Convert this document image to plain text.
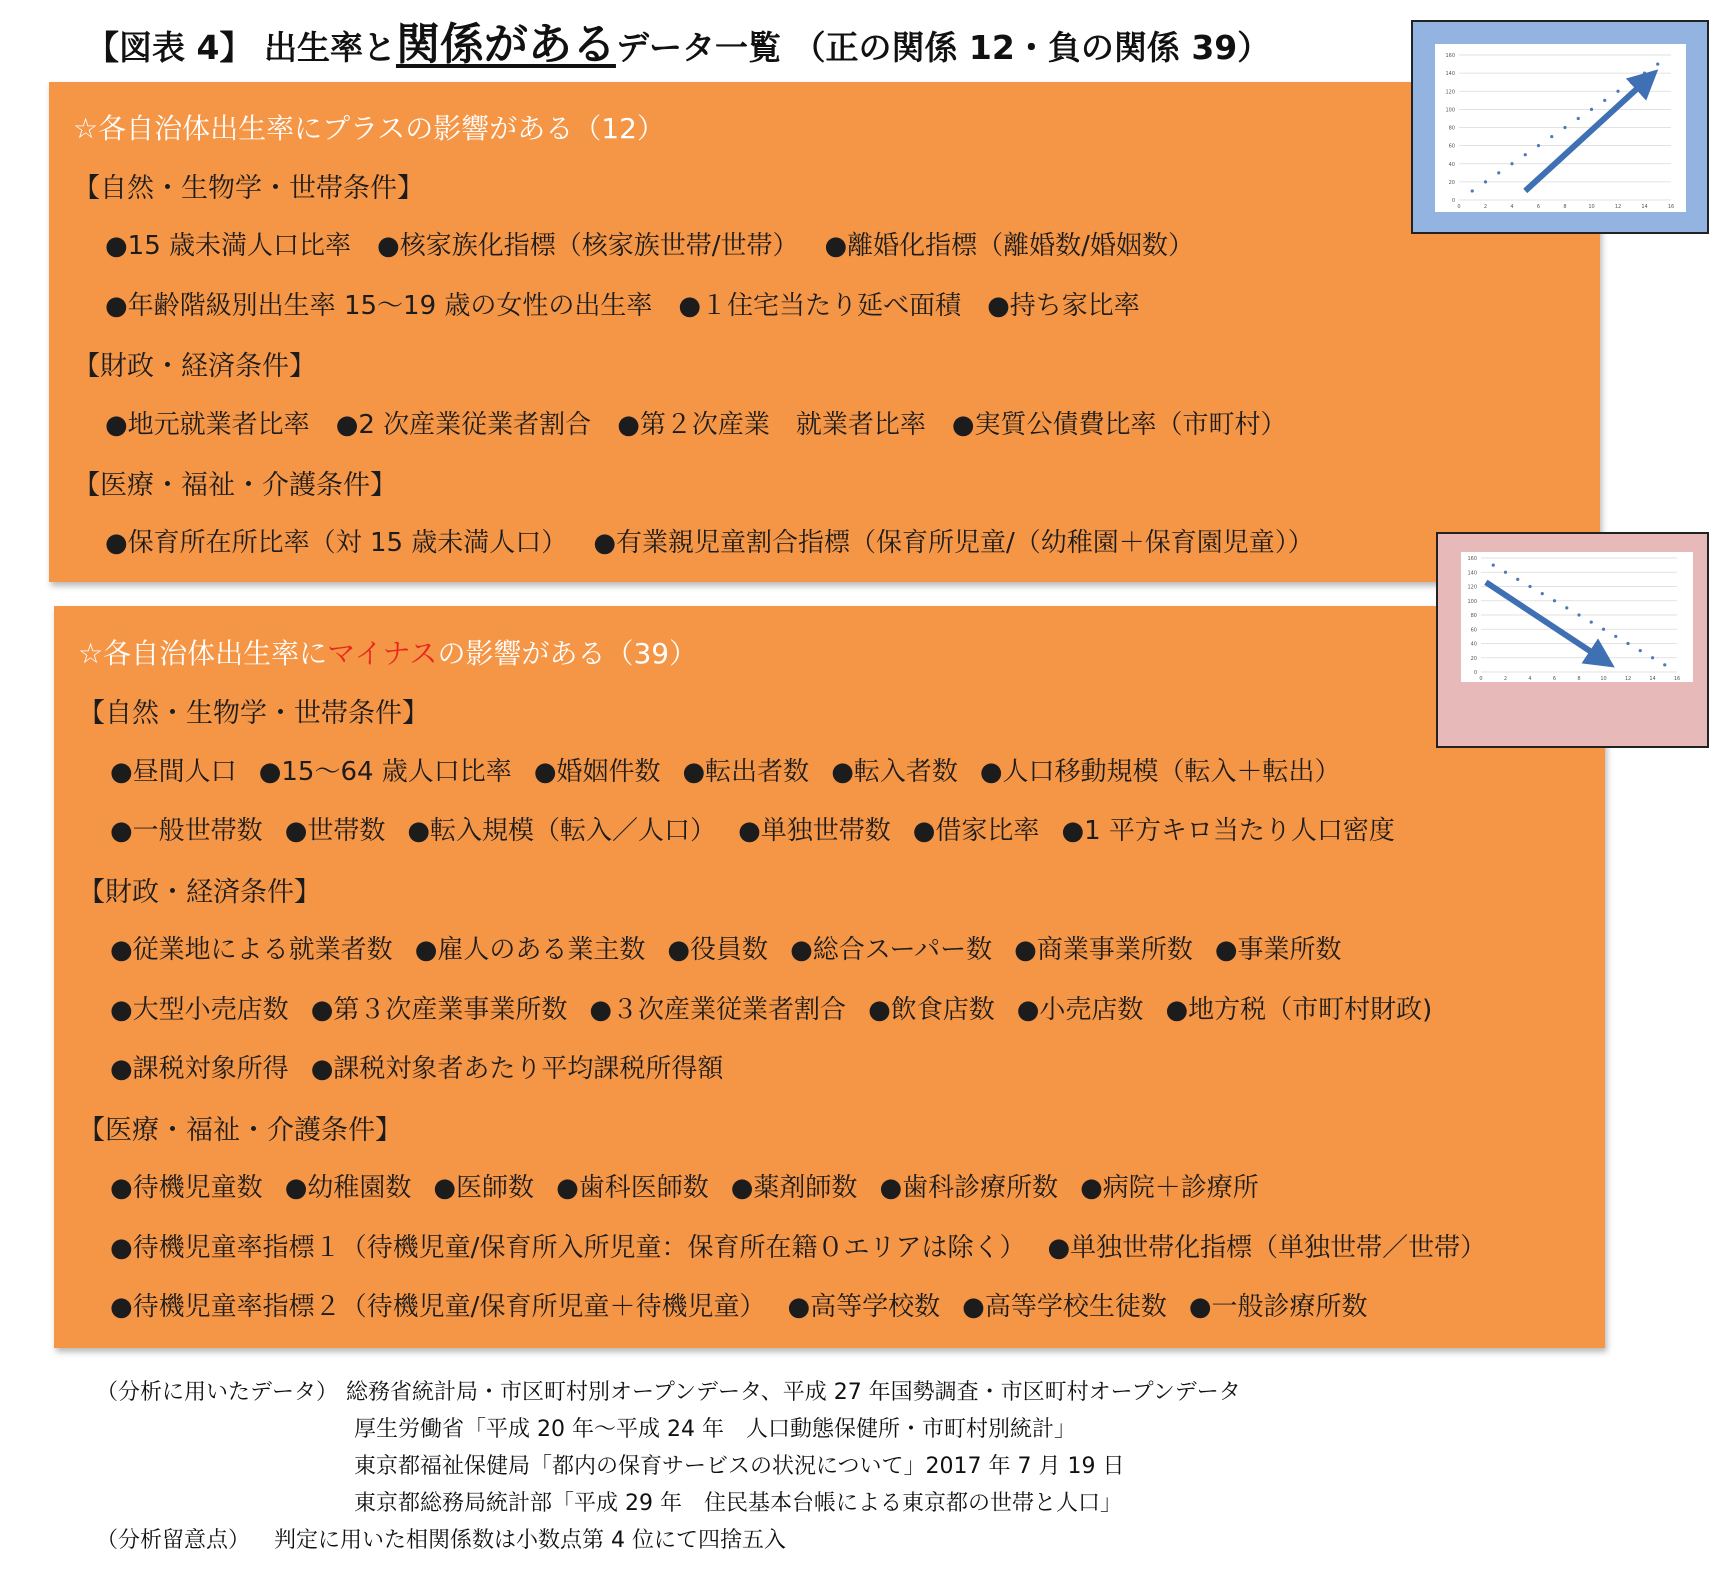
【図表 4】 出生率と関係があるデータ一覧 （正の関係 12・負の関係 39）
☆各自治体出生率にプラスの影響がある（12）
【自然・生物学・世帯条件】
●15 歳未満人口比率 ●核家族化指標（核家族世帯/世帯） ●離婚化指標（離婚数/婚姻数）
●年齢階級別出生率 15～19 歳の女性の出生率 ●１住宅当たり延べ面積 ●持ち家比率
【財政・経済条件】
●地元就業者比率 ●2 次産業従業者割合 ●第２次産業　就業者比率 ●実質公債費比率（市町村）
【医療・福祉・介護条件】
●保育所在所比率（対 15 歳未満人口） ●有業親児童割合指標（保育所児童/（幼稚園＋保育園児童））
☆各自治体出生率にマイナスの影響がある（39）
【自然・生物学・世帯条件】
●昼間人口 ●15～64 歳人口比率 ●婚姻件数 ●転出者数 ●転入者数 ●人口移動規模（転入＋転出）
●一般世帯数 ●世帯数 ●転入規模（転入／人口） ●単独世帯数 ●借家比率 ●1 平方キロ当たり人口密度
【財政・経済条件】
●従業地による就業者数 ●雇人のある業主数 ●役員数 ●総合スーパー数 ●商業事業所数 ●事業所数
●大型小売店数 ●第３次産業事業所数 ●３次産業従業者割合 ●飲食店数 ●小売店数 ●地方税（市町村財政)
●課税対象所得 ●課税対象者あたり平均課税所得額
【医療・福祉・介護条件】
●待機児童数 ●幼稚園数 ●医師数 ●歯科医師数 ●薬剤師数 ●歯科診療所数 ●病院＋診療所
●待機児童率指標１（待機児童/保育所入所児童：保育所在籍０エリアは除く） ●単独世帯化指標（単独世帯／世帯）
●待機児童率指標２（待機児童/保育所児童＋待機児童） ●高等学校数 ●高等学校生徒数 ●一般診療所数
0
20
40
60
80
100
120
140
160
0	2	4	6	8	10	12	14	16
0
20
40
60
80
100
120
140
160
0	2	4	6	8	10	12	14	16
（分析に用いたデータ） 総務省統計局・市区町村別オープンデータ、平成 27 年国勢調査・市区町村オープンデータ
厚生労働省「平成 20 年～平成 24 年　人口動態保健所・市町村別統計」
東京都福祉保健局「都内の保育サービスの状況について」2017 年 7 月 19 日
東京都総務局統計部「平成 29 年　住民基本台帳による東京都の世帯と人口」
（分析留意点） 判定に用いた相関係数は小数点第 4 位にて四捨五入
